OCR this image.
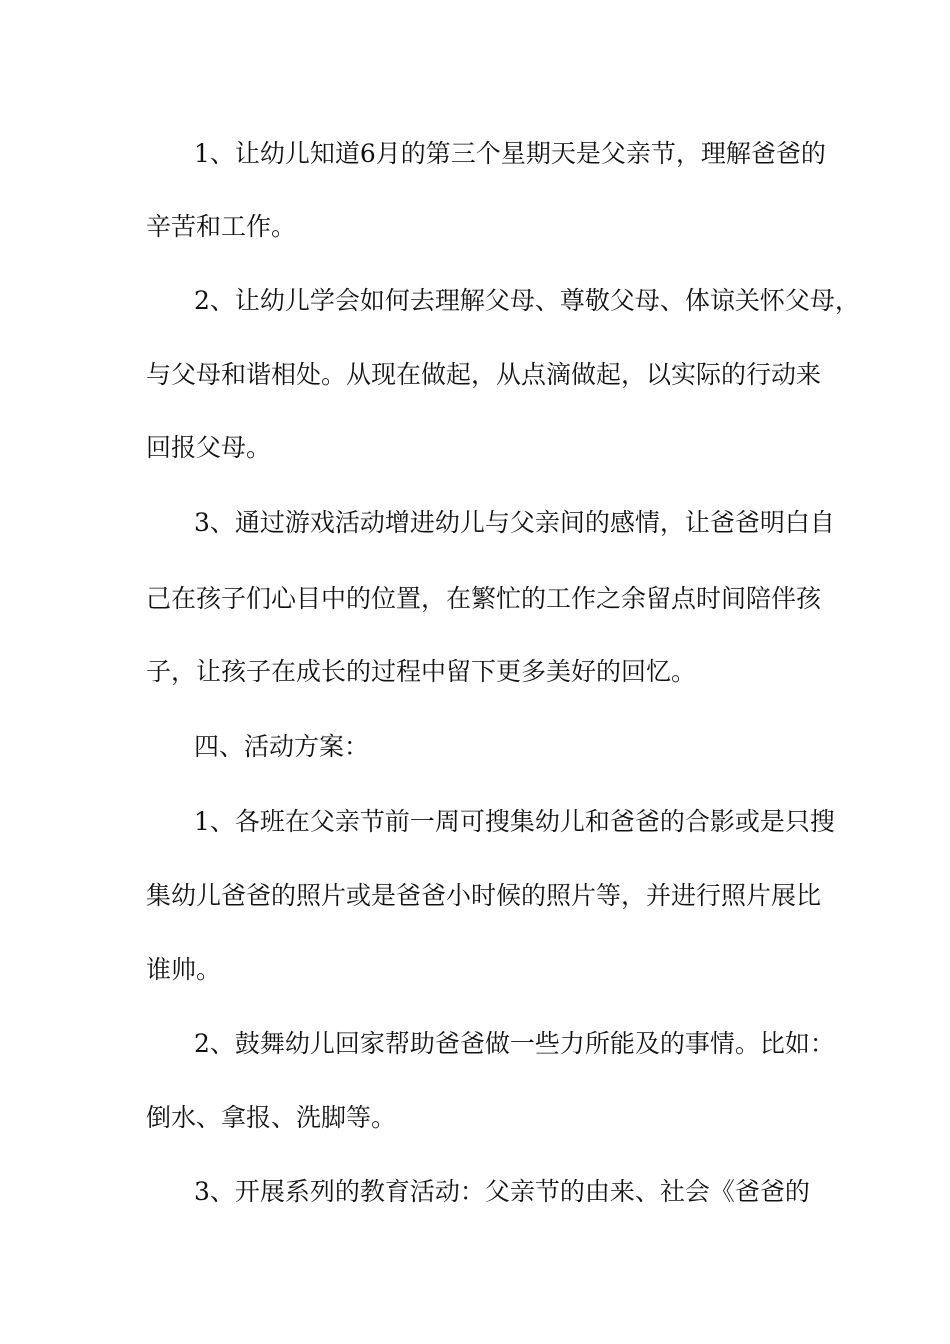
1、让幼儿知道6月的第三个星期天是父亲节，理解爸爸的
辛苦和工作。
2、让幼儿学会如何去理解父母、尊敬父母、体谅关怀父母，
与父母和谐相处。从现在做起，从点滴做起，以实际的行动来
回报父母。
3、通过游戏活动增进幼儿与父亲间的感情，让爸爸明白自
己在孩子们心目中的位置，在繁忙的工作之余留点时间陪伴孩
子，让孩子在成长的过程中留下更多美好的回忆。
四、活动方案：
1、各班在父亲节前一周可搜集幼儿和爸爸的合影或是只搜
集幼儿爸爸的照片或是爸爸小时候的照片等，并进行照片展比
谁帅。
2、鼓舞幼儿回家帮助爸爸做一些力所能及的事情。比如：
倒水、拿报、洗脚等。
3、开展系列的教育活动：父亲节的由来、社会《爸爸的
